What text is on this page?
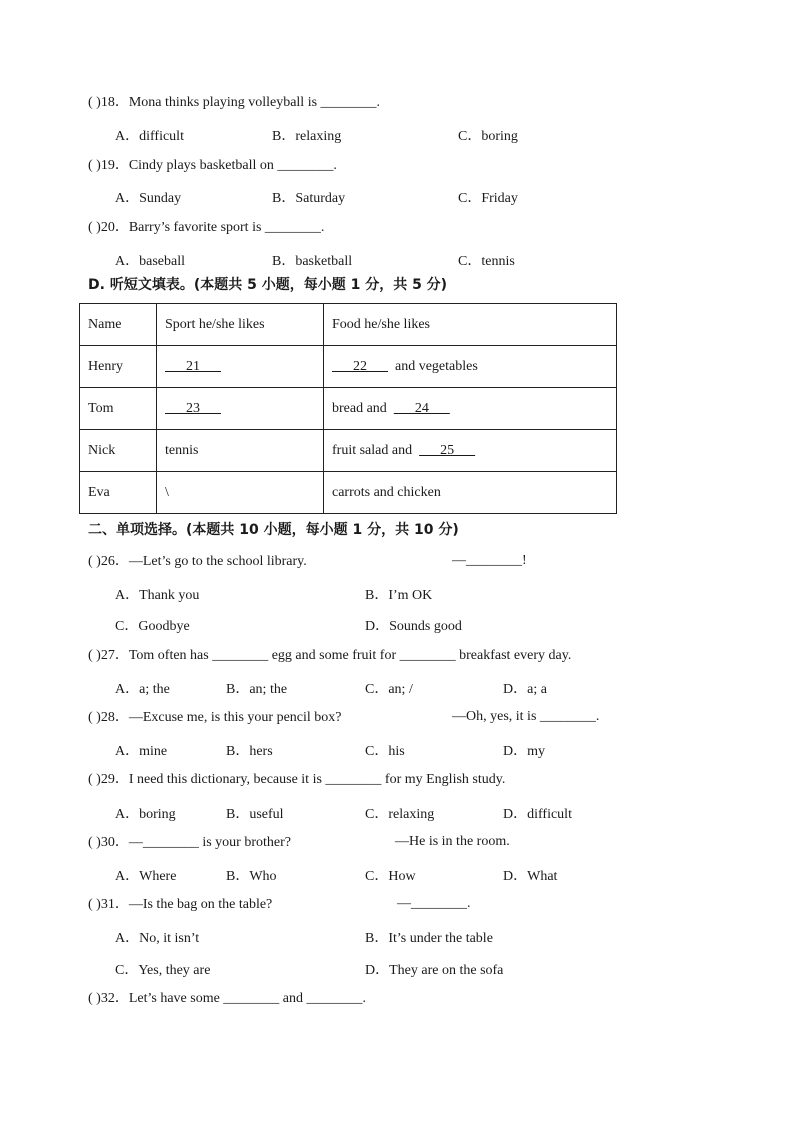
( )18．Mona thinks playing volleyball is ________.
A．difficult	B．relaxing	C．boring
( )19．Cindy plays basketball on ________.
A．Sunday	B．Saturday	C．Friday
( )20．Barry’s favorite sport is ________.
A．baseball	B．basketball	C．tennis
D. 听短文填表。(本题共 5 小题，每小题 1 分，共 5 分)
Name	Sport he/she likes	Food he/she likes
Henry	21	22        and vegetables
Tom	23	bread and        24
Nick	tennis	fruit salad and        25
Eva	\	carrots and chicken
二、单项选择。(本题共 10 小题，每小题 1 分，共 10 分)
( )26．—Let’s go to the school library.	—________!
A．Thank you	B．I’m OK
C．Goodbye	D．Sounds good
( )27．Tom often has ________ egg and some fruit for ________ breakfast every day.
A．a; the	B．an; the	C．an; /	D．a; a
( )28．—Excuse me, is this your pencil box?	—Oh, yes, it is ________.
A．mine	B．hers	C．his	D．my
( )29．I need this dictionary, because it is ________ for my English study.
A．boring	B．useful	C．relaxing	D．difficult
( )30．—________ is your brother?	—He is in the room.
A．Where	B．Who	C．How	D．What
( )31．—Is the bag on the table?	—________.
A．No, it isn’t	B．It’s under the table
C．Yes, they are	D．They are on the sofa
( )32．Let’s have some ________ and ________.
